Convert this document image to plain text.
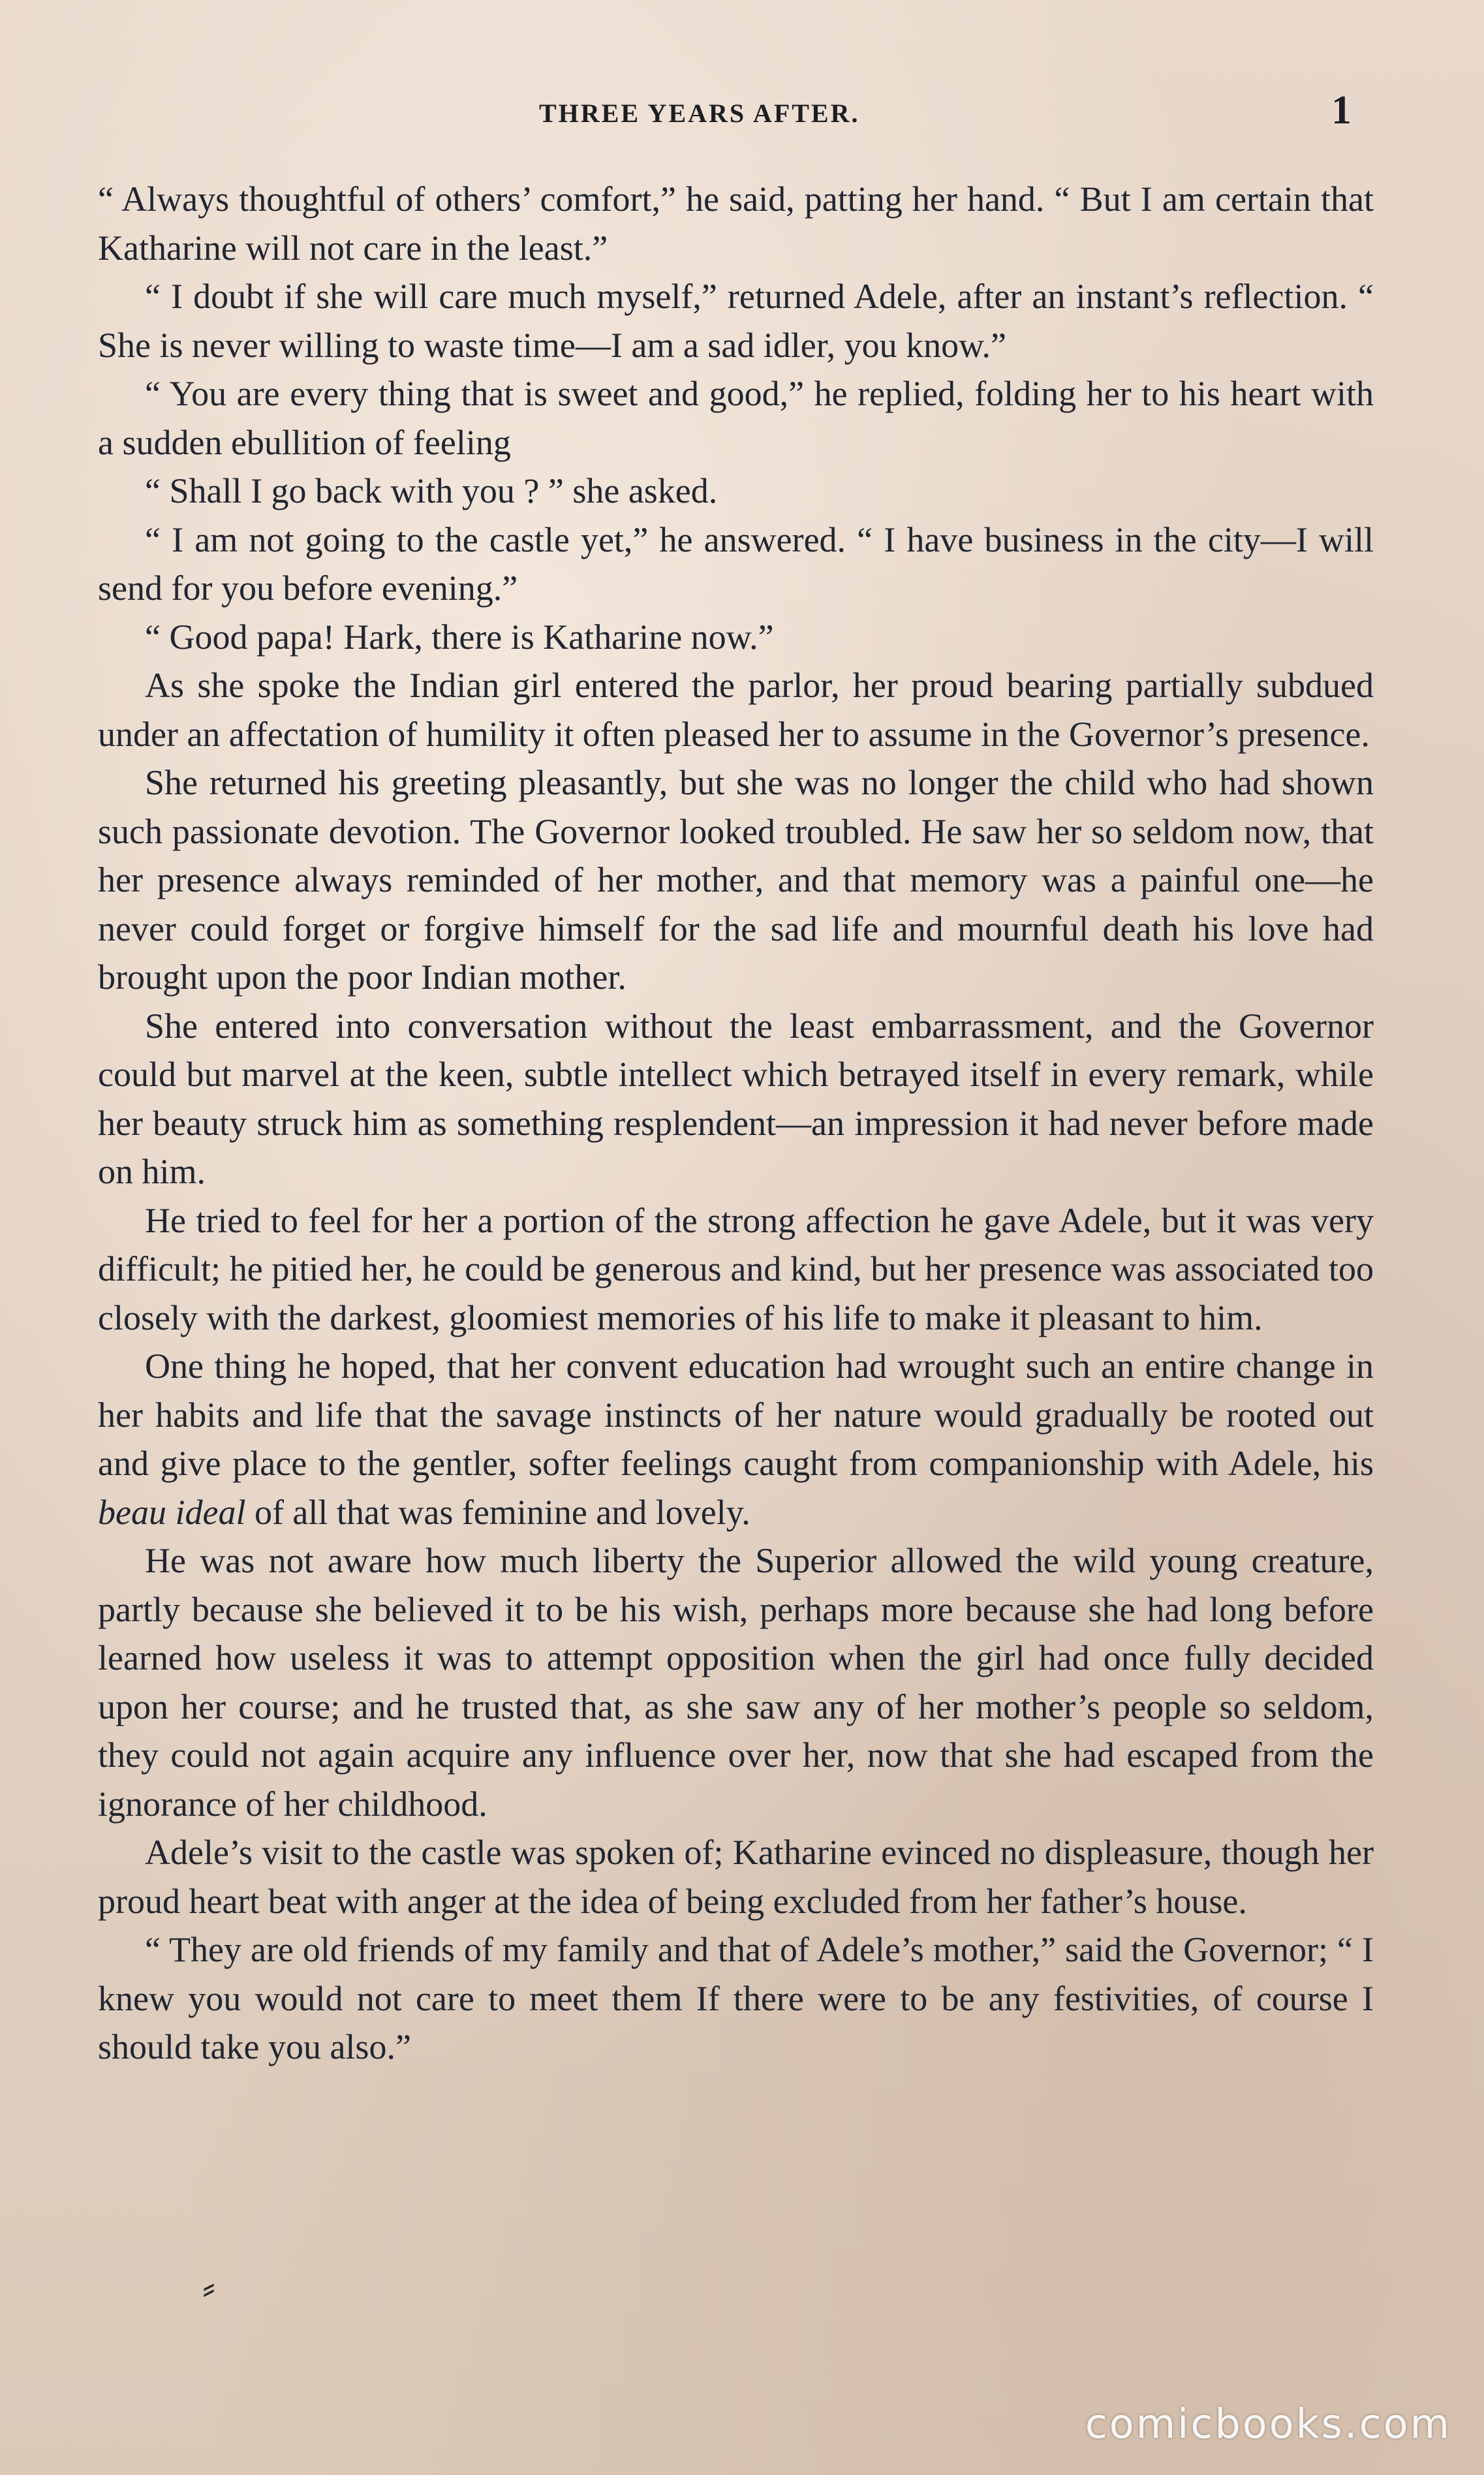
THREE YEARS AFTER.	1

“ Always thoughtful of others’ comfort,” he said, patting her hand. “ But I am certain that Katharine will not care in the least.”

“ I doubt if she will care much myself,” returned Adele, after an instant’s reflection. “ She is never willing to waste time—I am a sad idler, you know.”

“ You are every thing that is sweet and good,” he replied, folding her to his heart with a sudden ebullition of feeling

“ Shall I go back with you ? ” she asked.

“ I am not going to the castle yet,” he answered. “ I have business in the city—I will send for you before evening.”

“ Good papa! Hark, there is Katharine now.”

As she spoke the Indian girl entered the parlor, her proud bearing partially subdued under an affectation of humility it often pleased her to assume in the Governor’s presence.

She returned his greeting pleasantly, but she was no longer the child who had shown such passionate devotion. The Governor looked troubled. He saw her so seldom now, that her presence always reminded of her mother, and that memory was a painful one—he never could forget or forgive himself for the sad life and mournful death his love had brought upon the poor Indian mother.

She entered into conversation without the least embarrassment, and the Governor could but marvel at the keen, subtle intellect which betrayed itself in every remark, while her beauty struck him as something resplendent—an impression it had never before made on him.

He tried to feel for her a portion of the strong affection he gave Adele, but it was very difficult; he pitied her, he could be generous and kind, but her presence was associated too closely with the darkest, gloomiest memories of his life to make it pleasant to him.

One thing he hoped, that her convent education had wrought such an entire change in her habits and life that the savage instincts of her nature would gradually be rooted out and give place to the gentler, softer feelings caught from companionship with Adele, his beau ideal of all that was feminine and lovely.

He was not aware how much liberty the Superior allowed the wild young creature, partly because she believed it to be his wish, perhaps more because she had long before learned how useless it was to attempt opposition when the girl had once fully decided upon her course; and he trusted that, as she saw any of her mother’s people so seldom, they could not again acquire any influence over her, now that she had escaped from the ignorance of her childhood.

Adele’s visit to the castle was spoken of; Katharine evinced no displeasure, though her proud heart beat with anger at the idea of being excluded from her father’s house.

“ They are old friends of my family and that of Adele’s mother,” said the Governor; “ I knew you would not care to meet them If there were to be any festivities, of course I should take you also.”

⸗
comicbooks.com
